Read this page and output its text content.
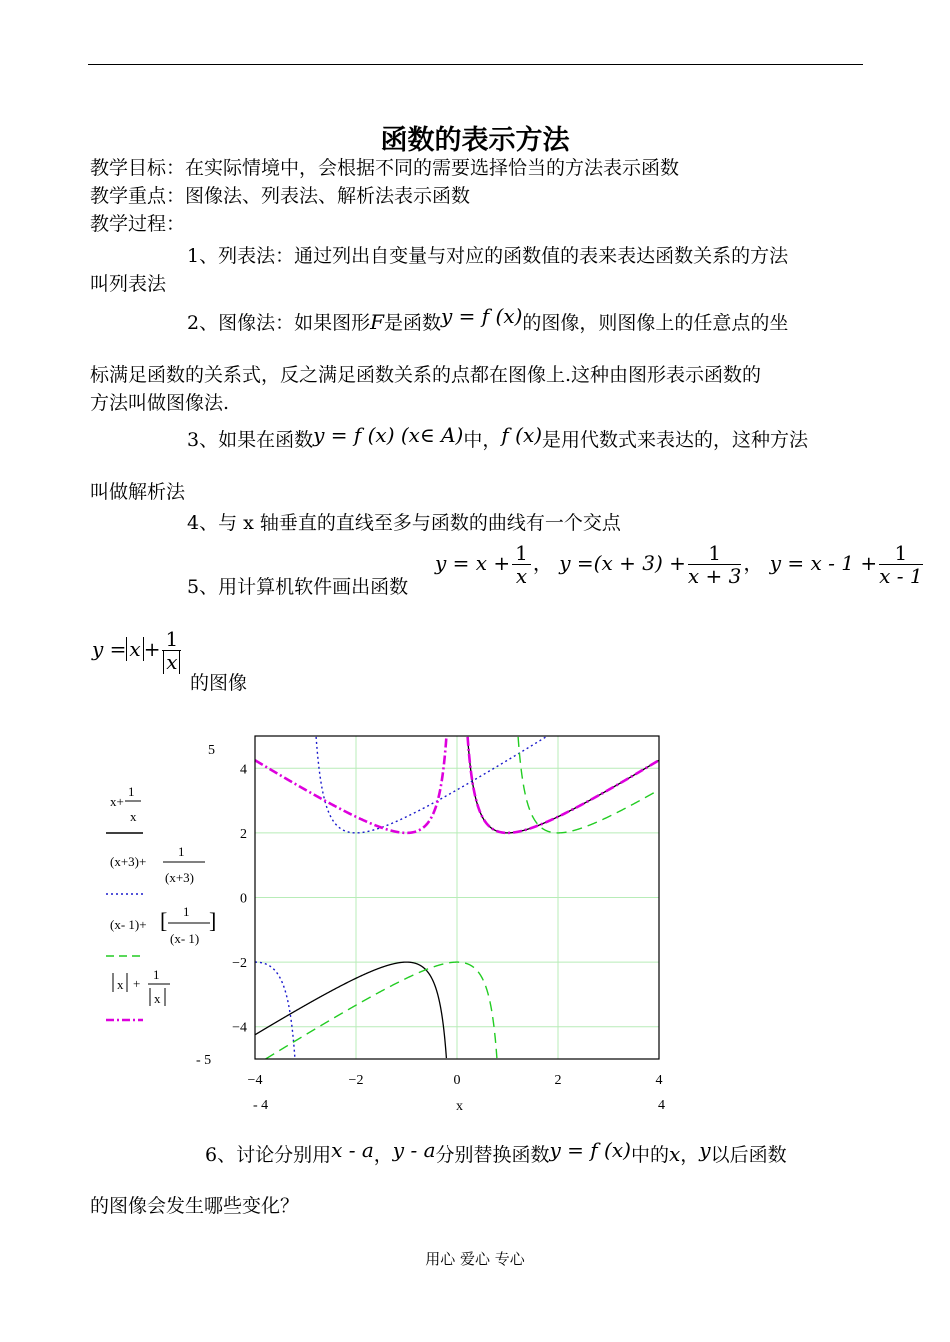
函数的表示方法
教学目标：在实际情境中，会根据不同的需要选择恰当的方法表示函数
教学重点：图像法、列表法、解析法表示函数
教学过程：
1、列表法：通过列出自变量与对应的函数值的表来表达函数关系的方法
叫列表法
2、图像法：如果图形F是函数y = f (x)的图像，则图像上的任意点的坐
标满足函数的关系式，反之满足函数关系的点都在图像上.这种由图形表示函数的
方法叫做图像法.
3、如果在函数y = f (x) (x∈ A)中，f (x)是用代数式来表达的，这种方法
叫做解析法
4、与 x 轴垂直的直线至多与函数的曲线有一个交点
5、用计算机软件画出函数
$y = x + \frac{1}{x}$ ， $y =(x + 3) + \frac{1}{x + 3}$ ， $y = x - 1 + \frac{1}{x - 1}$
$y = x + \frac{1}{x}$
的图像
x+
1
x
(x+3)+
1
(x+3)
(x- 1)+ [ 1
(x- 1)
]
x +
1
x
−4
4
−2
2
0
0
2
−2
4
−4
5
- 5
- 4	x	4
6、讨论分别用x - a，y - a分别替换函数y = f (x)中的x，y以后函数
的图像会发生哪些变化？
用心 爱心 专心
